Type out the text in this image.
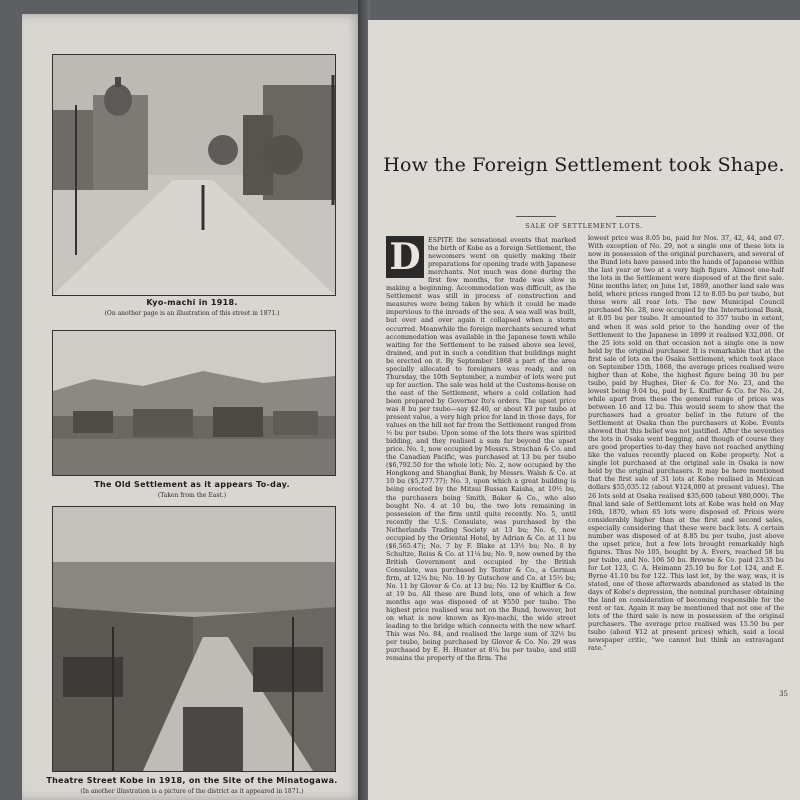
Kyo-machi in 1918.
(On another page is an illustration of this street in 1871.)
The Old Settlement as it appears To-day.
(Taken from the East.)
Theatre Street Kobe in 1918, on the Site of the Minatogawa.
(In another illustration is a picture of the district as it appeared in 1871.)
How the Foreign Settlement took Shape.
SALE OF SETTLEMENT LOTS.
D	ESPITE the sensational events that marked the birth of Kobe as a foreign Settlement, the newcomers went on quietly making their preparations for opening trade with Japanese merchants. Not much was done during the first few months, for trade was slow in making a beginning. Accommodation was difficult, as the Settlement was still in process of construction and measures were being taken by which it could be made impervious to the inroads of the sea. A sea wall was built, but over and over again it collapsed when a storm occurred. Meanwhile the foreign merchants secured what accommodation was available in the Japanese town while waiting for the Settlement to be raised above sea level, drained, and put in such a condition that buildings might be erected on it. By September 1868 a part of the area specially allocated to foreigners was ready, and on Thursday, the 10th September, a number of lots were put up for auction. The sale was held at the Customs-house on the east of the Settlement, where a cold collation had been prepared by Governor Ito's orders. The upset price was 8 bu per tsubo—say $2.40, or about ¥3 per tsubo at present value, a very high price for land in those days, for values on the hill not far from the Settlement ranged from ½ bu per tsubo. Upon some of the lots there was spirited bidding, and they realised a sum far beyond the upset price. No. 1, now occupied by Messrs. Strachan & Co. and the Canadian Pacific, was purchased at 13 bu per tsubo ($6,792.50 for the whole lot); No. 2, now occupied by the Hongkong and Shanghai Bank, by Messrs. Walsh & Co. at 10 bu ($5,277.77); No. 3, upon which a great building is being erected by the Mitsui Bussan Kaisha, at 10½ bu, the purchasers being Smith, Baker & Co., who also bought No. 4 at 10 bu, the two lots remaining in possession of the firm until quite recently. No. 5, until recently the U.S. Consulate, was purchased by the Netherlands Trading Society at 13 bu; No. 6, now occupied by the Oriental Hotel, by Adrian & Co. at 11 bu ($6,565.47); No. 7 by F. Blake at 13½ bu; No. 8 by Schultze, Reiss & Co. at 11¼ bu; No. 9, now owned by the British Government and occupied by the British Consulate, was purchased by Textor & Co., a German firm, at 12¼ bu; No. 10 by Gutschow and Co. at 15½ bu; No. 11 by Glover & Co. at 13 bu; No. 12 by Kniffler & Co. at 19 bu. All these are Bund lots, one of which a few months ago was disposed of at ¥550 per tsubo. The highest price realised was not on the Bund, however, but on what is now known as Kyo-machi, the wide street leading to the bridge which connects with the new wharf. This was No. 84, and realised the large sum of 32½ bu per tsubo, being purchased by Glover & Co. No. 29 was purchased by E. H. Hunter at 8¼ bu per tsubo, and still remains the property of the firm. The
lowest price was 8.05 bu, paid for Nos. 37, 42, 44, and 67. With exception of No. 29, not a single one of these lots is now in possession of the original purchasers, and several of the Bund lots have passed into the hands of Japanese within the last year or two at a very high figure. Almost one-half the lots in the Settlement were disposed of at the first sale. Nine months later, on June 1st, 1869, another land sale was held, where prices ranged from 12 to 8.05 bu per tsubo, but these were all rear lots. The new Municipal Council purchased No. 28, now occupied by the International Bank, at 8.05 bu per tsubo. It amounted to 357 tsubo in extent, and when it was sold prior to the handing over of the Settlement to the Japanese in 1899 it realised ¥32,000. Of the 25 lots sold on that occasion not a single one is now held by the original purchaser. It is remarkable that at the first sale of lots on the Osaka Settlement, which took place on September 15th, 1868, the average prices realised were higher than at Kobe, the highest figure being 30 bu per tsubo, paid by Hughes, Dier & Co. for No. 23, and the lowest being 9.04 bu, paid by L. Kniffler & Co. for No. 24, while apart from these the general range of prices was between 16 and 12 bu. This would seem to show that the purchasers had a greater belief in the future of the Settlement at Osaka than the purchasers at Kobe. Events showed that this belief was not justified. After the seventies the lots in Osaka went begging, and though of course they are good properties to-day they have not reached anything like the values recently placed on Kobe property. Not a single lot purchased at the original sale in Osaka is now held by the original purchasers. It may be here mentioned that the first sale of 31 lots at Kobe realised in Mexican dollars $55,035.12 (about ¥124,000 at present values). The 26 lots sold at Osaka realised $35,600 (about ¥80,000). The final land sale of Settlement lots at Kobe was held on May 16th, 1870, when 65 lots were disposed of. Prices were considerably higher than at the first and second sales, especially considering that these were back lots. A certain number was disposed of at 8.85 bu per tsubo, just above the upset price, but a few lots brought remarkably high figures. Thus No 105, bought by A. Evers, reached 58 bu per tsubo, and No. 106 50 bu. Browne & Co. paid 23.35 bu for Lot 123, C. A. Heimann 25.10 bu for Lot 124, and E. Byrne 41.10 bu for 122. This last lot, by the way, was, it is stated, one of those afterwards abandoned as stated in the days of Kobe's depression, the nominal purchaser obtaining the land on consideration of becoming responsible for the rent or tax. Again it may be mentioned that not one of the lots of the third sale is now in possession of the original purchasers. The average price realised was 15.50 bu per tsubo (about ¥12 at present prices) which, said a local newspaper critic, "we cannot but think an extravagant rate."
35
